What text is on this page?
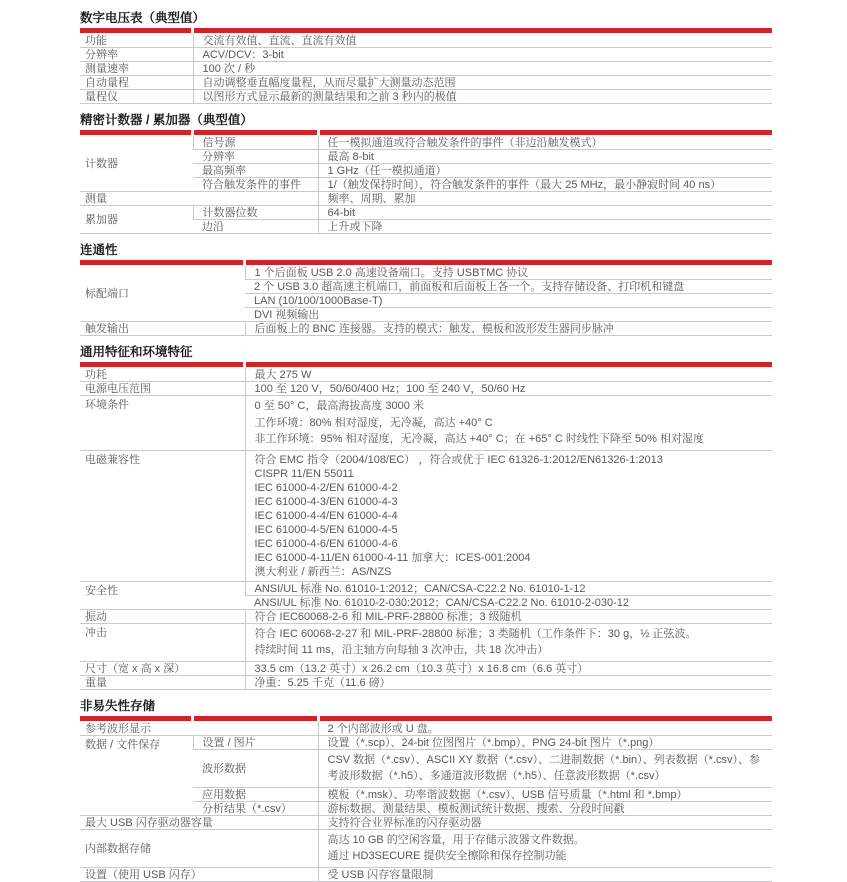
数字电压表（典型值）
功能	交流有效值、直流、直流有效值
分辨率	ACV/DCV：3-bit
测量速率	100 次 / 秒
自动量程	自动调整垂直幅度量程，从而尽量扩大测量动态范围
量程仪	以图形方式显示最新的测量结果和之前 3 秒内的极值
精密计数器 / 累加器（典型值）
计数器	信号源	任一模拟通道或符合触发条件的事件（非边沿触发模式）
	分辨率	最高 8-bit
	最高频率	1 GHz（任一模拟通道）
	符合触发条件的事件	1/（触发保持时间），符合触发条件的事件（最大 25 MHz，最小静寂时间 40 ns）
测量		频率、周期、累加
累加器	计数器位数	64-bit
	边沿	上升或下降
连通性
标配端口	1 个后面板 USB 2.0 高速设备端口。支持 USBTMC 协议
	2 个 USB 3.0 超高速主机端口，前面板和后面板上各一个。支持存储设备、打印机和键盘
	LAN (10/100/1000Base-T)
	DVI 视频输出
触发输出	后面板上的 BNC 连接器。支持的模式：触发、模板和波形发生器同步脉冲
通用特征和环境特征
功耗	最大 275 W
电源电压范围	100 至 120 V，50/60/400 Hz；100 至 240 V，50/60 Hz
环境条件	0 至 50° C，最高海拔高度 3000 米
工作环境：80% 相对湿度，无冷凝，高达 +40° C
非工作环境：95% 相对湿度，无冷凝，高达 +40° C；在 +65° C 时线性下降至 50% 相对湿度

电磁兼容性	符合 EMC 指令（2004/108/EC） ，符合或优于 IEC 61326-1:2012/EN61326-1:2013
CISPR 11/EN 55011
IEC 61000-4-2/EN 61000-4-2
IEC 61000-4-3/EN 61000-4-3
IEC 61000-4-4/EN 61000-4-4
IEC 61000-4-5/EN 61000-4-5
IEC 61000-4-6/EN 61000-4-6
IEC 61000-4-11/EN 61000-4-11 加拿大：ICES-001:2004
澳大利亚 / 新西兰：AS/NZS

安全性	ANSI/UL 标准 No. 61010-1:2012；CAN/CSA-C22.2 No. 61010-1-12
	ANSI/UL 标准 No. 61010-2-030:2012；CAN/CSA-C22.2 No. 61010-2-030-12
振动	符合 IEC60068-2-6 和 MIL-PRF-28800 标准；3 级随机
冲击	符合 IEC 60068-2-27 和 MIL-PRF-28800 标准；3 类随机（工作条件下：30 g，½ 正弦波。
持续时间 11 ms，沿主轴方向每轴 3 次冲击，共 18 次冲击）

尺寸（宽 x 高 x 深）	33.5 cm（13.2 英寸）x 26.2 cm（10.3 英寸）x 16.8 cm（6.6 英寸）
重量	净重：5.25 千克（11.6 磅）
非易失性存储
参考波形显示		2 个内部波形或 U 盘。
数据 / 文件保存	设置 / 图片	设置（*.scp）、24-bit 位图图片（*.bmp）、PNG 24-bit 图片（*.png）
	波形数据	CSV 数据（*.csv）、ASCII XY 数据（*.csv）、二进制数据（*.bin）、列表数据（*.csv）、参考波形数据（*.h5）、多通道波形数据（*.h5）、任意波形数据（*.csv）
	应用数据	模板（*.msk）、功率谐波数据（*.csv）、USB 信号质量（*.html 和 *.bmp）
	分析结果（*.csv）	游标数据、测量结果、模板测试统计数据、搜索、分段时间戳
最大 USB 闪存驱动器容量		支持符合业界标准的闪存驱动器
内部数据存储		高达 10 GB 的空闲容量，用于存储示波器文件数据。
通过 HD3SECURE 提供安全擦除和保存控制功能

设置（使用 USB 闪存）		受 USB 闪存容量限制
